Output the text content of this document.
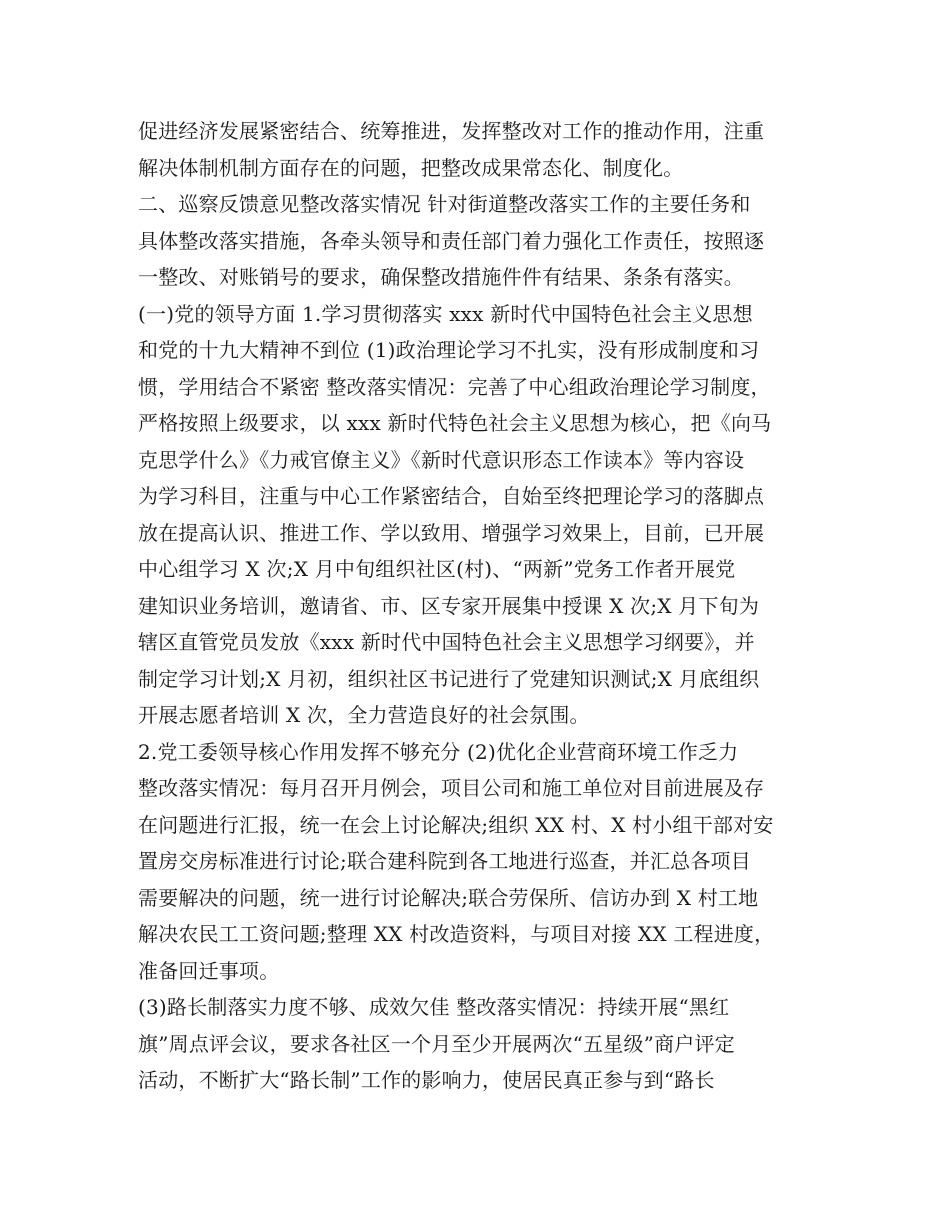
促进经济发展紧密结合、统筹推进，发挥整改对工作的推动作用，注重
解决体制机制方面存在的问题，把整改成果常态化、制度化。
二、巡察反馈意见整改落实情况 针对街道整改落实工作的主要任务和
具体整改落实措施，各牵头领导和责任部门着力强化工作责任，按照逐
一整改、对账销号的要求，确保整改措施件件有结果、条条有落实。
(一)党的领导方面 1.学习贯彻落实 xxx 新时代中国特色社会主义思想
和党的十九大精神不到位 (1)政治理论学习不扎实，没有形成制度和习
惯，学用结合不紧密 整改落实情况：完善了中心组政治理论学习制度，
严格按照上级要求，以 xxx 新时代特色社会主义思想为核心，把《向马
克思学什么》《力戒官僚主义》《新时代意识形态工作读本》等内容设
为学习科目，注重与中心工作紧密结合，自始至终把理论学习的落脚点
放在提高认识、推进工作、学以致用、增强学习效果上，目前，已开展
中心组学习 X 次;X 月中旬组织社区(村)、“两新”党务工作者开展党
建知识业务培训，邀请省、市、区专家开展集中授课 X 次;X 月下旬为
辖区直管党员发放《xxx 新时代中国特色社会主义思想学习纲要》，并
制定学习计划;X 月初，组织社区书记进行了党建知识测试;X 月底组织
开展志愿者培训 X 次，全力营造良好的社会氛围。
2.党工委领导核心作用发挥不够充分 (2)优化企业营商环境工作乏力
整改落实情况：每月召开月例会，项目公司和施工单位对目前进展及存
在问题进行汇报，统一在会上讨论解决;组织 XX 村、X 村小组干部对安
置房交房标准进行讨论;联合建科院到各工地进行巡查，并汇总各项目
需要解决的问题，统一进行讨论解决;联合劳保所、信访办到 X 村工地
解决农民工工资问题;整理 XX 村改造资料，与项目对接 XX 工程进度，
准备回迁事项。
(3)路长制落实力度不够、成效欠佳 整改落实情况：持续开展“黑红
旗”周点评会议，要求各社区一个月至少开展两次“五星级”商户评定
活动，不断扩大“路长制”工作的影响力，使居民真正参与到“路长
